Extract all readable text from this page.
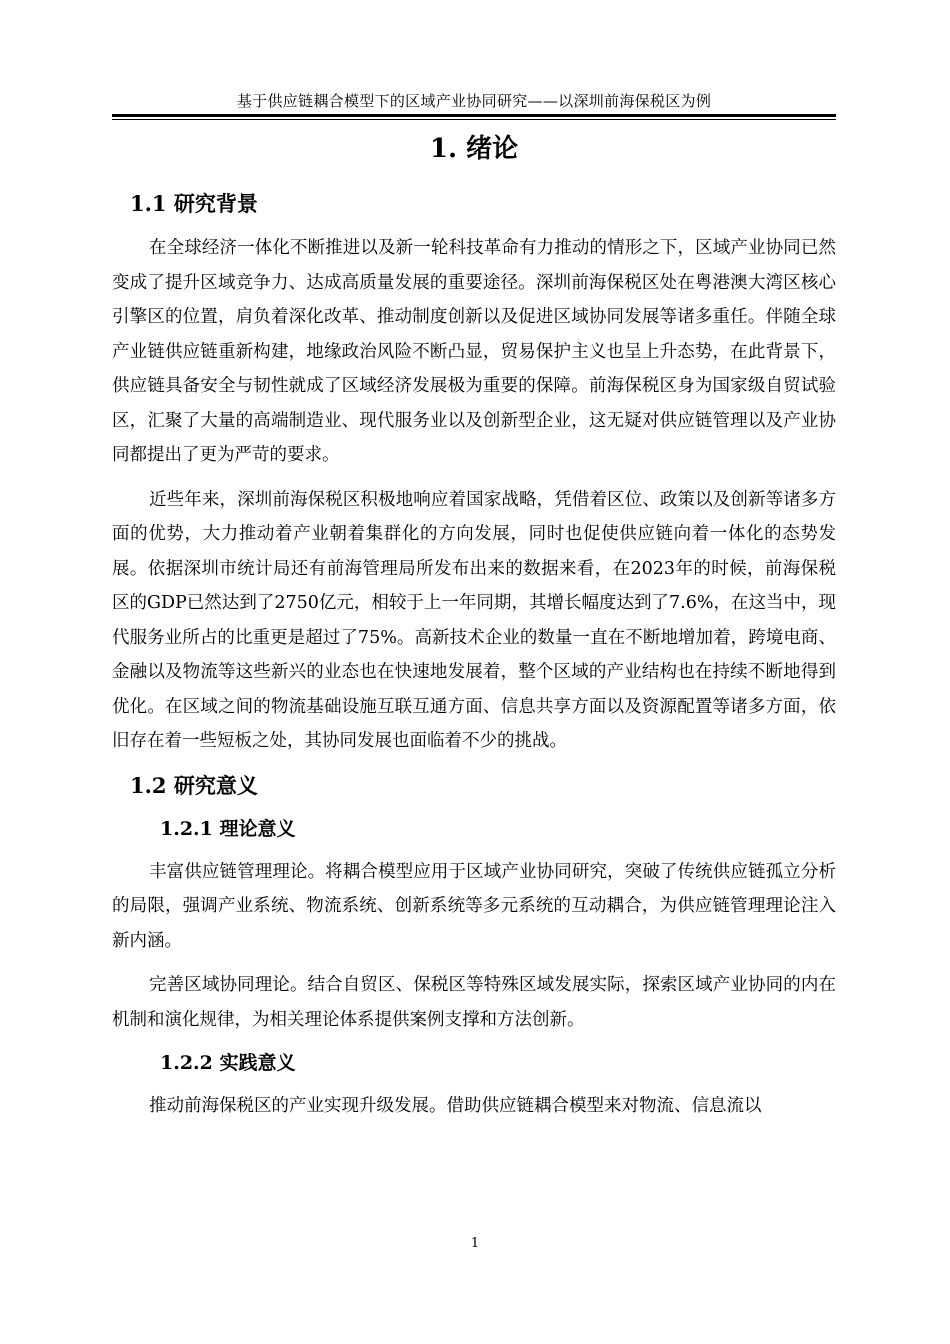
基于供应链耦合模型下的区域产业协同研究——以深圳前海保税区为例
1. 绪论
1.1 研究背景

在全球经济一体化不断推进以及新一轮科技革命有力推动的情形之下，区域产业协同已然变成了提升区域竞争力、达成高质量发展的重要途径。深圳前海保税区处在粤港澳大湾区核心引擎区的位置，肩负着深化改革、推动制度创新以及促进区域协同发展等诸多重任。伴随全球产业链供应链重新构建，地缘政治风险不断凸显，贸易保护主义也呈上升态势，在此背景下，供应链具备安全与韧性就成了区域经济发展极为重要的保障。前海保税区身为国家级自贸试验区，汇聚了大量的高端制造业、现代服务业以及创新型企业，这无疑对供应链管理以及产业协同都提出了更为严苛的要求。

近些年来，深圳前海保税区积极地响应着国家战略，凭借着区位、政策以及创新等诸多方面的优势，大力推动着产业朝着集群化的方向发展，同时也促使供应链向着一体化的态势发展。依据深圳市统计局还有前海管理局所发布出来的数据来看，在2023年的时候，前海保税区的GDP已然达到了2750亿元，相较于上一年同期，其增长幅度达到了7.6%，在这当中，现代服务业所占的比重更是超过了75%。高新技术企业的数量一直在不断地增加着，跨境电商、金融以及物流等这些新兴的业态也在快速地发展着，整个区域的产业结构也在持续不断地得到优化。在区域之间的物流基础设施互联互通方面、信息共享方面以及资源配置等诸多方面，依旧存在着一些短板之处，其协同发展也面临着不少的挑战。

1.2 研究意义
1.2.1 理论意义

丰富供应链管理理论。将耦合模型应用于区域产业协同研究，突破了传统供应链孤立分析的局限，强调产业系统、物流系统、创新系统等多元系统的互动耦合，为供应链管理理论注入新内涵。

完善区域协同理论。结合自贸区、保税区等特殊区域发展实际，探索区域产业协同的内在机制和演化规律，为相关理论体系提供案例支撑和方法创新。

1.2.2 实践意义

推动前海保税区的产业实现升级发展。借助供应链耦合模型来对物流、信息流以

1
